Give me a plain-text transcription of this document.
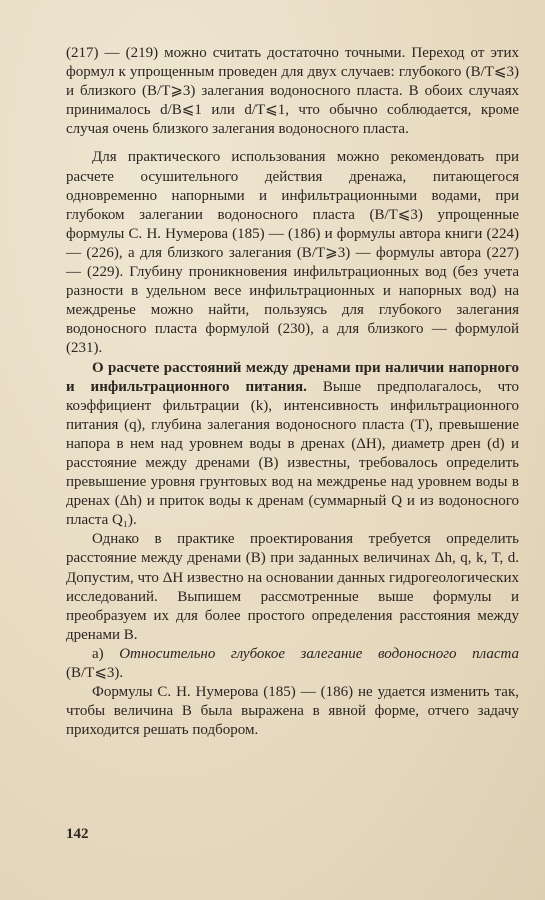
(217) — (219) можно считать достаточно точными. Переход от этих формул к упрощенным проведен для двух случаев: глубокого (B/T⩽3) и близкого (B/T⩾3) залегания водоносного пласта. В обоих случаях принималось d/B⩽1 или d/T⩽1, что обычно соблюдается, кроме случая очень близкого залегания водоносного пласта.

Для практического использования можно рекомендовать при расчете осушительного действия дренажа, питающегося одновременно напорными и инфильтрационными водами, при глубоком залегании водоносного пласта (B/T⩽3) упрощенные формулы С. Н. Нумерова (185) — (186) и формулы автора книги (224) — (226), а для близкого залегания (B/T⩾3) — формулы автора (227) — (229). Глубину проникновения инфильтрационных вод (без учета разности в удельном весе инфильтрационных и напорных вод) на междренье можно найти, пользуясь для глубокого залегания водоносного пласта формулой (230), а для близкого — формулой (231).

О расчете расстояний между дренами при наличии напорного и инфильтрационного питания. Выше предполагалось, что коэффициент фильтрации (k), интенсивность инфильтрационного питания (q), глубина залегания водоносного пласта (T), превышение напора в нем над уровнем воды в дренах (ΔH), диаметр дрен (d) и расстояние между дренами (B) известны, требовалось определить превышение уровня грунтовых вод на междренье над уровнем воды в дренах (Δh) и приток воды к дренам (суммарный Q и из водоносного пласта Q₁).

Однако в практике проектирования требуется определить расстояние между дренами (B) при заданных величинах Δh, q, k, T, d. Допустим, что ΔH известно на основании данных гидрогеологических исследований. Выпишем рассмотренные выше формулы и преобразуем их для более простого определения расстояния между дренами B.

а) Относительно глубокое залегание водоносного пласта (B/T⩽3).

Формулы С. Н. Нумерова (185) — (186) не удается изменить так, чтобы величина B была выражена в явной форме, отчего задачу приходится решать подбором.

142
